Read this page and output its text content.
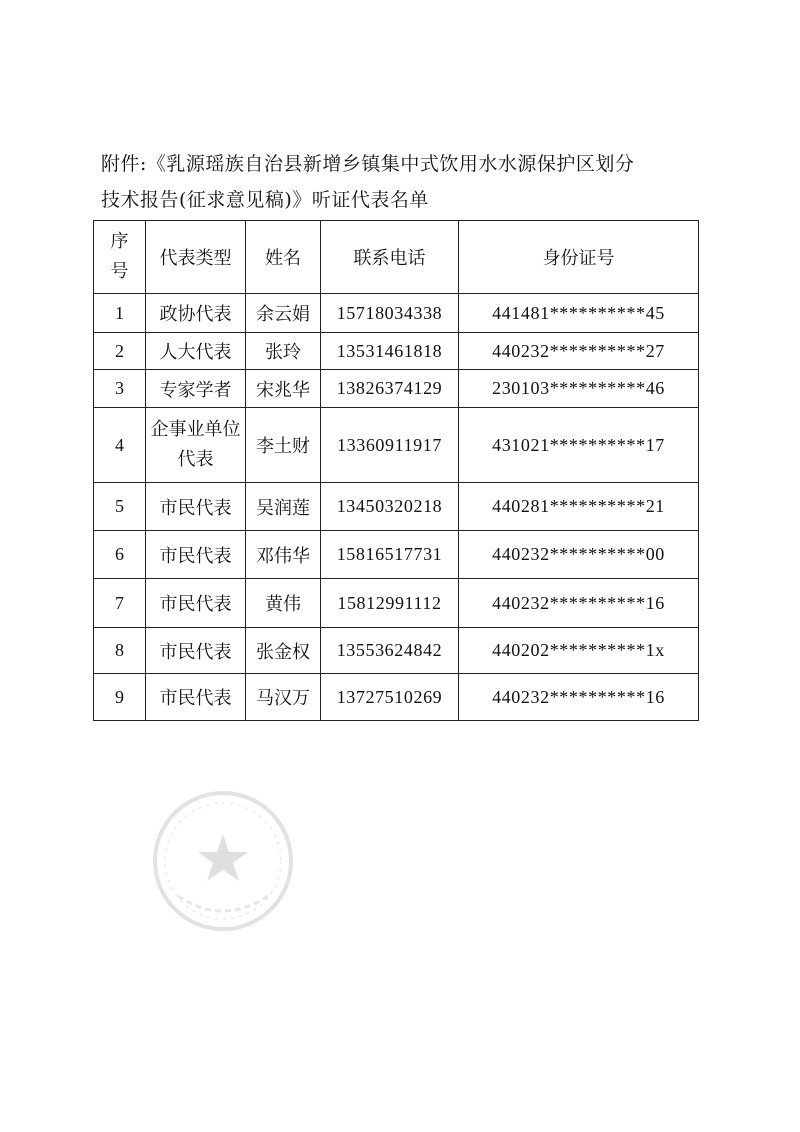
附件:《乳源瑶族自治县新增乡镇集中式饮用水水源保护区划分
技术报告(征求意见稿)》听证代表名单
序
号	代表类型	姓名	联系电话	身份证号
1	政协代表	余云娟	15718034338	441481**********45
2	人大代表	张玲	13531461818	440232**********27
3	专家学者	宋兆华	13826374129	230103**********46
4	企事业单位代表	李土财	13360911917	431021**********17
5	市民代表	吴润莲	13450320218	440281**********21
6	市民代表	邓伟华	15816517731	440232**********00
7	市民代表	黄伟	15812991112	440232**********16
8	市民代表	张金权	13553624842	440202**********1x
9	市民代表	马汉万	13727510269	440232**********16
